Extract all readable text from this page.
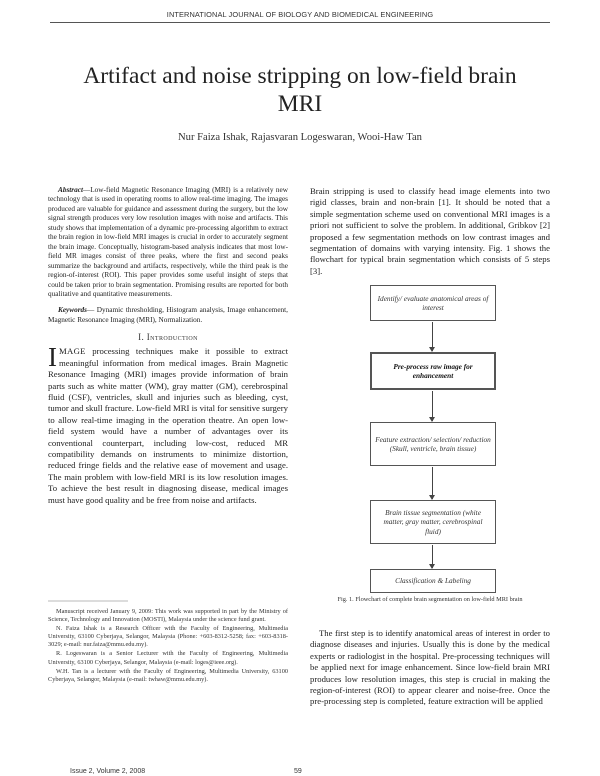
INTERNATIONAL JOURNAL OF BIOLOGY AND BIOMEDICAL ENGINEERING
Artifact and noise stripping on low-field brain MRI
Nur Faiza Ishak, Rajasvaran Logeswaran, Wooi-Haw Tan

Abstract—Low-field Magnetic Resonance Imaging (MRI) is a relatively new technology that is used in operating rooms to allow real-time imaging. The images produced are valuable for guidance and assessment during the surgery, but the low signal strength produces very low resolution images with noise and artifacts. This study shows that implementation of a dynamic pre-processing algorithm to extract the brain region in low-field MRI images is crucial in order to accurately segment the brain image. Conceptually, histogram-based analysis indicates that most low-field MR images consist of three peaks, where the first and second peaks summarize the background and artifacts, respectively, while the third peak is the region-of-interest (ROI). This paper provides some useful insight of steps that could be taken prior to brain segmentation. Promising results are reported for both qualitative and quantitative measurements.

Keywords— Dynamic thresholding, Histogram analysis, Image enhancement, Magnetic Resonance Imaging (MRI), Normalization.

I. Introduction

IMAGE processing techniques make it possible to extract meaningful information from medical images. Brain Magnetic Resonance Imaging (MRI) images provide information of brain parts such as white matter (WM), gray matter (GM), cerebrospinal fluid (CSF), ventricles, skull and injuries such as bleeding, cyst, tumor and skull fracture. Low-field MRI is vital for sensitive surgery to allow real-time imaging in the operation theatre. An open low-field system would have a number of advantages over its conventional counterpart, including low-cost, reduced MR compatibility demands on instruments to minimize distortion, reduced fringe fields and the relative ease of movement and usage. The main problem with low-field MRI is its low resolution images. To achieve the best result in diagnosing disease, medical images must have good quality and be free from noise and artifacts.

Manuscript received January 9, 2009: This work was supported in part by the Ministry of Science, Technology and Innovation (MOSTI), Malaysia under the science fund grant.

N. Faiza Ishak is a Research Officer with the Faculty of Engineering, Multimedia University, 63100 Cyberjaya, Selangor, Malaysia (Phone: +603-8312-5258; fax: +603-8318-3029; e-mail: nur.faiza@mmu.edu.my).

R. Logeswaran is a Senior Lecturer with the Faculty of Engineering, Multimedia University, 63100 Cyberjaya, Selangor, Malaysia (e-mail: loges@ieee.org).

W.H. Tan is a lecturer with the Faculty of Engineering, Multimedia University, 63100 Cyberjaya, Selangor, Malaysia (e-mail: twhaw@mmu.edu.my).

Brain stripping is used to classify head image elements into two rigid classes, brain and non-brain [1]. It should be noted that a simple segmentation scheme used on conventional MRI images is a priori not sufficient to solve the problem. In additional, Gribkov [2] proposed a few segmentation methods on low contrast images and segmentation of domains with varying intensity. Fig. 1 shows the flowchart for typical brain segmentation which consists of 5 steps [3].

Identify/ evaluate anatomical areas of interest
Pre-process raw image for enhancement
Feature extraction/ selection/ reduction (Skull, ventricle, brain tissue)
Brain tissue segmentation (white matter, gray matter, cerebrospinal fluid)
Classification & Labeling
Fig. 1. Flowchart of complete brain segmentation on low-field MRI brain

The first step is to identify anatomical areas of interest in order to diagnose diseases and injuries. Usually this is done by the medical experts or radiologist in the hospital. Pre-processing techniques will be applied next for image enhancement. Since low-field brain MRI produces low resolution images, this step is crucial in making the region-of-interest (ROI) to appear clearer and noise-free. Once the pre-processing step is completed, feature extraction will be applied

Issue 2, Volume 2, 2008	59
